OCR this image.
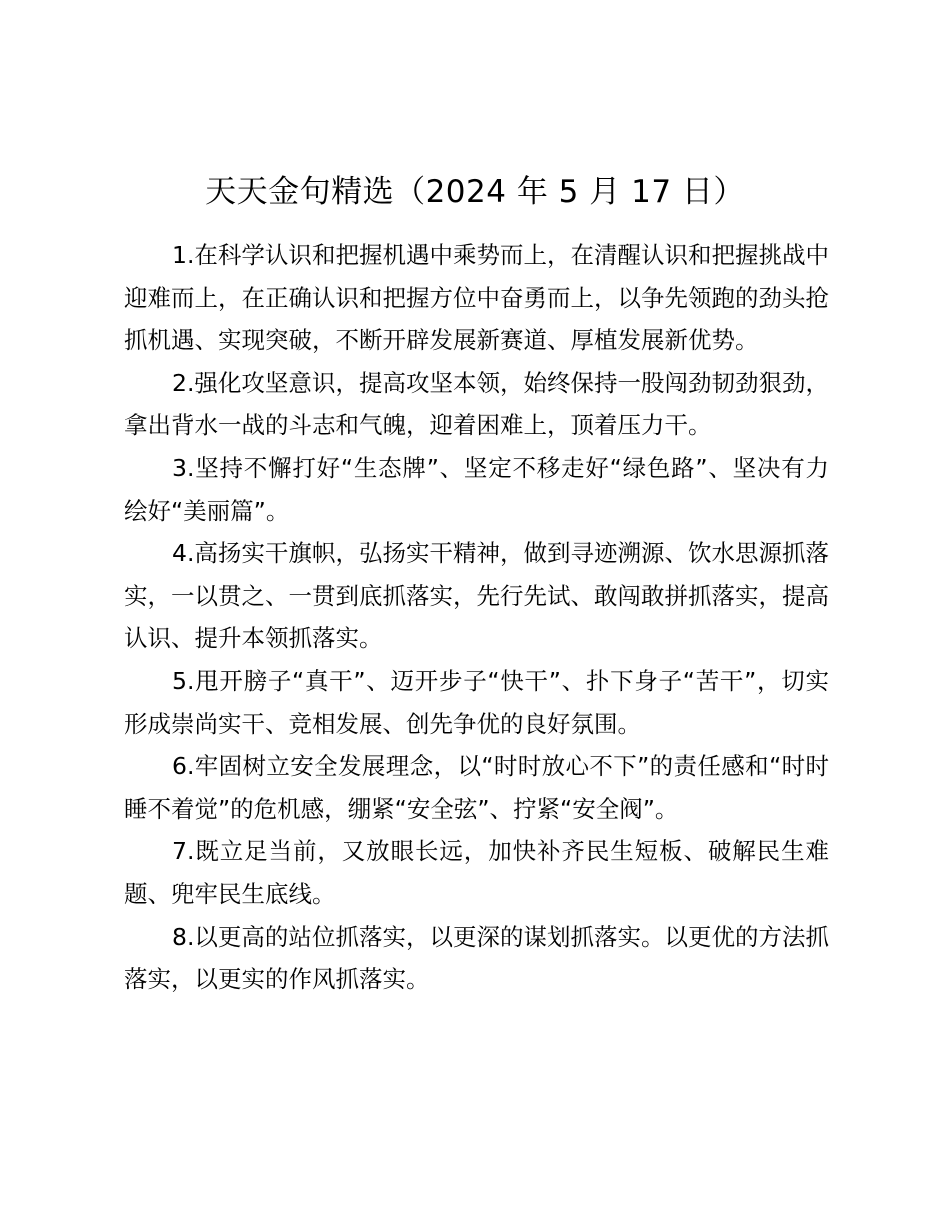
天天金句精选（2024 年 5 月 17 日）

1.在科学认识和把握机遇中乘势而上，在清醒认识和把握挑战中迎难而上，在正确认识和把握方位中奋勇而上，以争先领跑的劲头抢抓机遇、实现突破，不断开辟发展新赛道、厚植发展新优势。

2.强化攻坚意识，提高攻坚本领，始终保持一股闯劲韧劲狠劲，拿出背水一战的斗志和气魄，迎着困难上，顶着压力干。

3.坚持不懈打好“生态牌”、坚定不移走好“绿色路”、坚决有力绘好“美丽篇”。

4.高扬实干旗帜，弘扬实干精神，做到寻迹溯源、饮水思源抓落实，一以贯之、一贯到底抓落实，先行先试、敢闯敢拼抓落实，提高认识、提升本领抓落实。

5.甩开膀子“真干”、迈开步子“快干”、扑下身子“苦干”，切实形成崇尚实干、竞相发展、创先争优的良好氛围。

6.牢固树立安全发展理念，以“时时放心不下”的责任感和“时时睡不着觉”的危机感，绷紧“安全弦”、拧紧“安全阀”。

7.既立足当前，又放眼长远，加快补齐民生短板、破解民生难题、兜牢民生底线。

8.以更高的站位抓落实，以更深的谋划抓落实。以更优的方法抓落实，以更实的作风抓落实。
